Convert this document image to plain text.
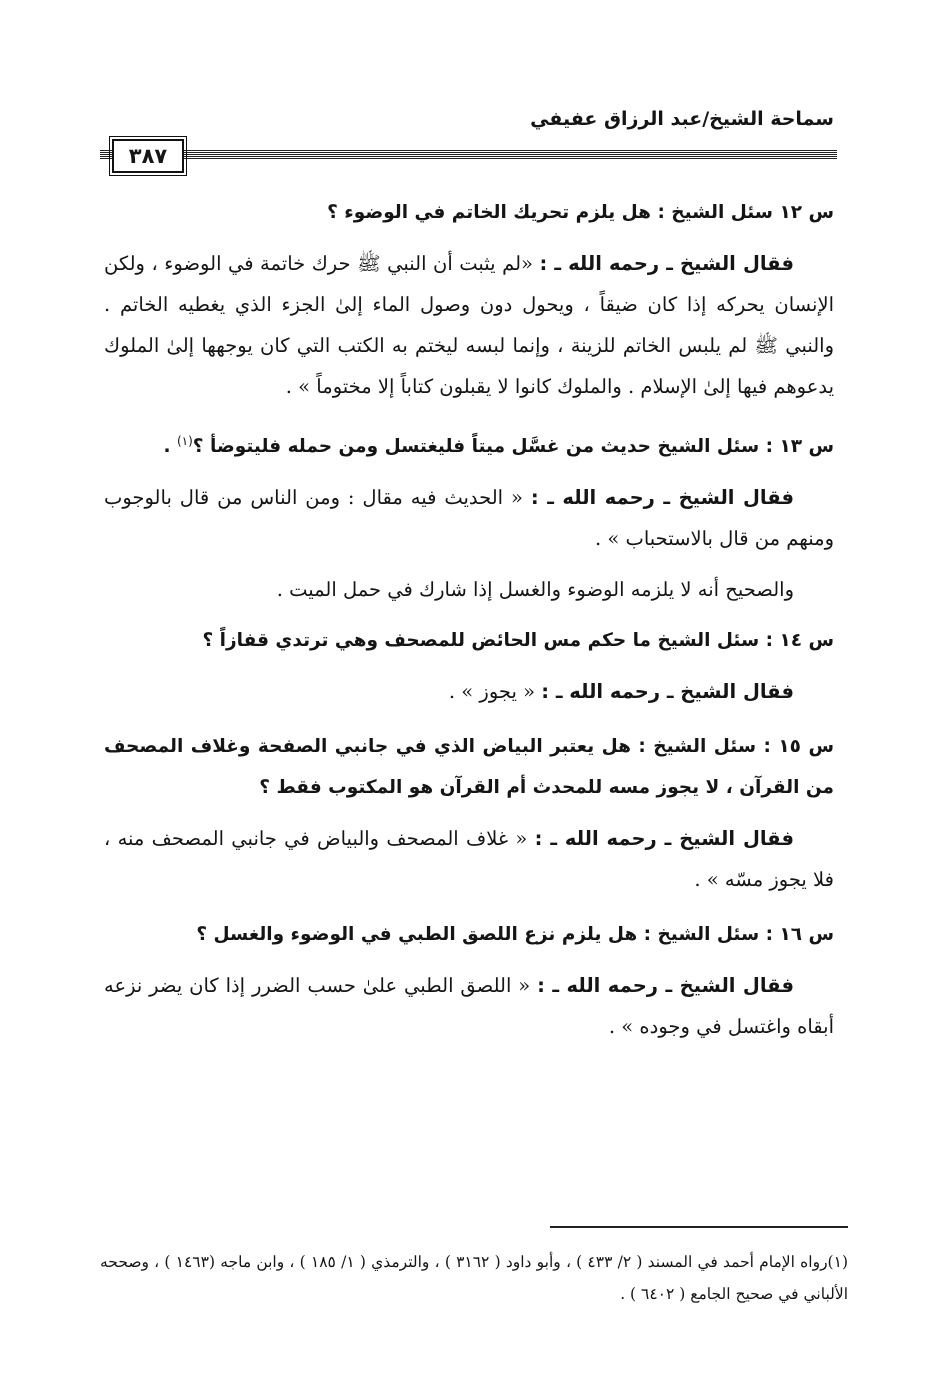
سماحة الشيخ/عبد الرزاق عفيفي
٣٨٧

س ١٢ سئل الشيخ : هل يلزم تحريك الخاتم في الوضوء ؟

فقال الشيخ ـ رحمه الله ـ : «لم يثبت أن النبي ﷺ حرك خاتمة في الوضوء ، ولكن الإنسان يحركه إذا كان ضيقاً ، ويحول دون وصول الماء إلىٰ الجزء الذي يغطيه الخاتم . والنبي ﷺ لم يلبس الخاتم للزينة ، وإنما لبسه ليختم به الكتب التي كان يوجهها إلىٰ الملوك يدعوهم فيها إلىٰ الإسلام . والملوك كانوا لا يقبلون كتاباً إلا مختوماً » .

س ١٣ : سئل الشيخ حديث من غسَّل ميتاً فليغتسل ومن حمله فليتوضأ ؟$^{(١)}$ .

فقال الشيخ ـ رحمه الله ـ : « الحديث فيه مقال : ومن الناس من قال بالوجوب ومنهم من قال بالاستحباب » .

والصحيح أنه لا يلزمه الوضوء والغسل إذا شارك في حمل الميت .

س ١٤ : سئل الشيخ ما حكم مس الحائض للمصحف وهي ترتدي قفازاً ؟

فقال الشيخ ـ رحمه الله ـ : « يجوز » .

س ١٥ : سئل الشيخ : هل يعتبر البياض الذي في جانبي الصفحة وغلاف المصحف من القرآن ، لا يجوز مسه للمحدث أم القرآن هو المكتوب فقط ؟

فقال الشيخ ـ رحمه الله ـ : « غلاف المصحف والبياض في جانبي المصحف منه ، فلا يجوز مسّه » .

س ١٦ : سئل الشيخ : هل يلزم نزع اللصق الطبي في الوضوء والغسل ؟

فقال الشيخ ـ رحمه الله ـ : « اللصق الطبي علىٰ حسب الضرر إذا كان يضر نزعه أبقاه واغتسل في وجوده » .

(١)رواه الإمام أحمد في المسند ( ٢/ ٤٣٣ ) ، وأبو داود ( ٣١٦٢ ) ، والترمذي ( ١/ ١٨٥ ) ، وابن ماجه (١٤٦٣ ) ، وصححه الألباني في صحيح الجامع ( ٦٤٠٢ ) .
